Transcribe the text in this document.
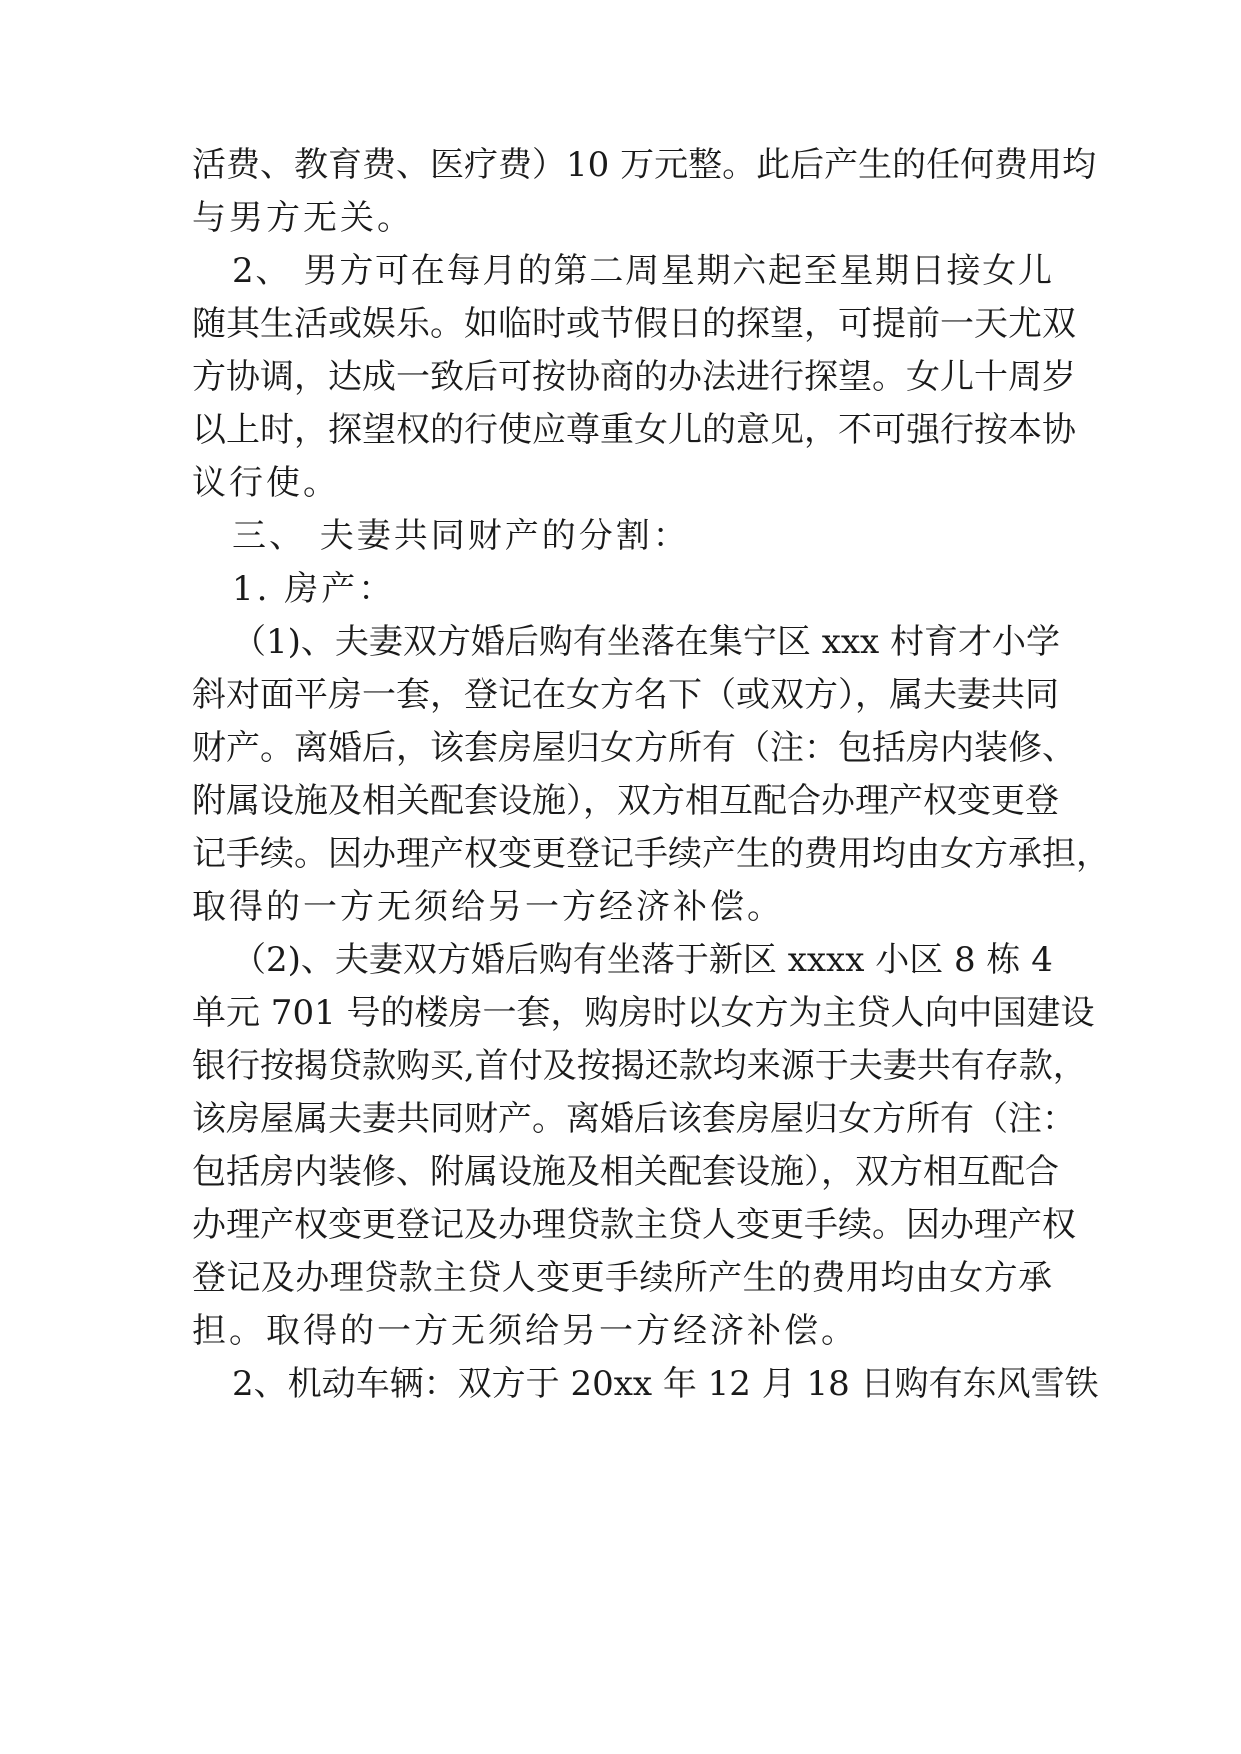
活费、教育费、医疗费）10 万元整。此后产生的任何费用均
与男方无关。
2、 男方可在每月的第二周星期六起至星期日接女儿
随其生活或娱乐。如临时或节假日的探望，可提前一天尤双
方协调，达成一致后可按协商的办法进行探望。女儿十周岁
以上时，探望权的行使应尊重女儿的意见，不可强行按本协
议行使。
三、 夫妻共同财产的分割：
1. 房产：
（1)、夫妻双方婚后购有坐落在集宁区 xxx 村育才小学
斜对面平房一套，登记在女方名下（或双方），属夫妻共同
财产。离婚后，该套房屋归女方所有（注：包括房内装修、
附属设施及相关配套设施），双方相互配合办理产权变更登
记手续。因办理产权变更登记手续产生的费用均由女方承担，
取得的一方无须给另一方经济补偿。
（2)、夫妻双方婚后购有坐落于新区 xxxx 小区 8 栋 4
单元 701 号的楼房一套，购房时以女方为主贷人向中国建设
银行按揭贷款购买,首付及按揭还款均来源于夫妻共有存款，
该房屋属夫妻共同财产。离婚后该套房屋归女方所有（注：
包括房内装修、附属设施及相关配套设施），双方相互配合
办理产权变更登记及办理贷款主贷人变更手续。因办理产权
登记及办理贷款主贷人变更手续所产生的费用均由女方承
担。取得的一方无须给另一方经济补偿。
2、机动车辆：双方于 20xx 年 12 月 18 日购有东风雪铁
